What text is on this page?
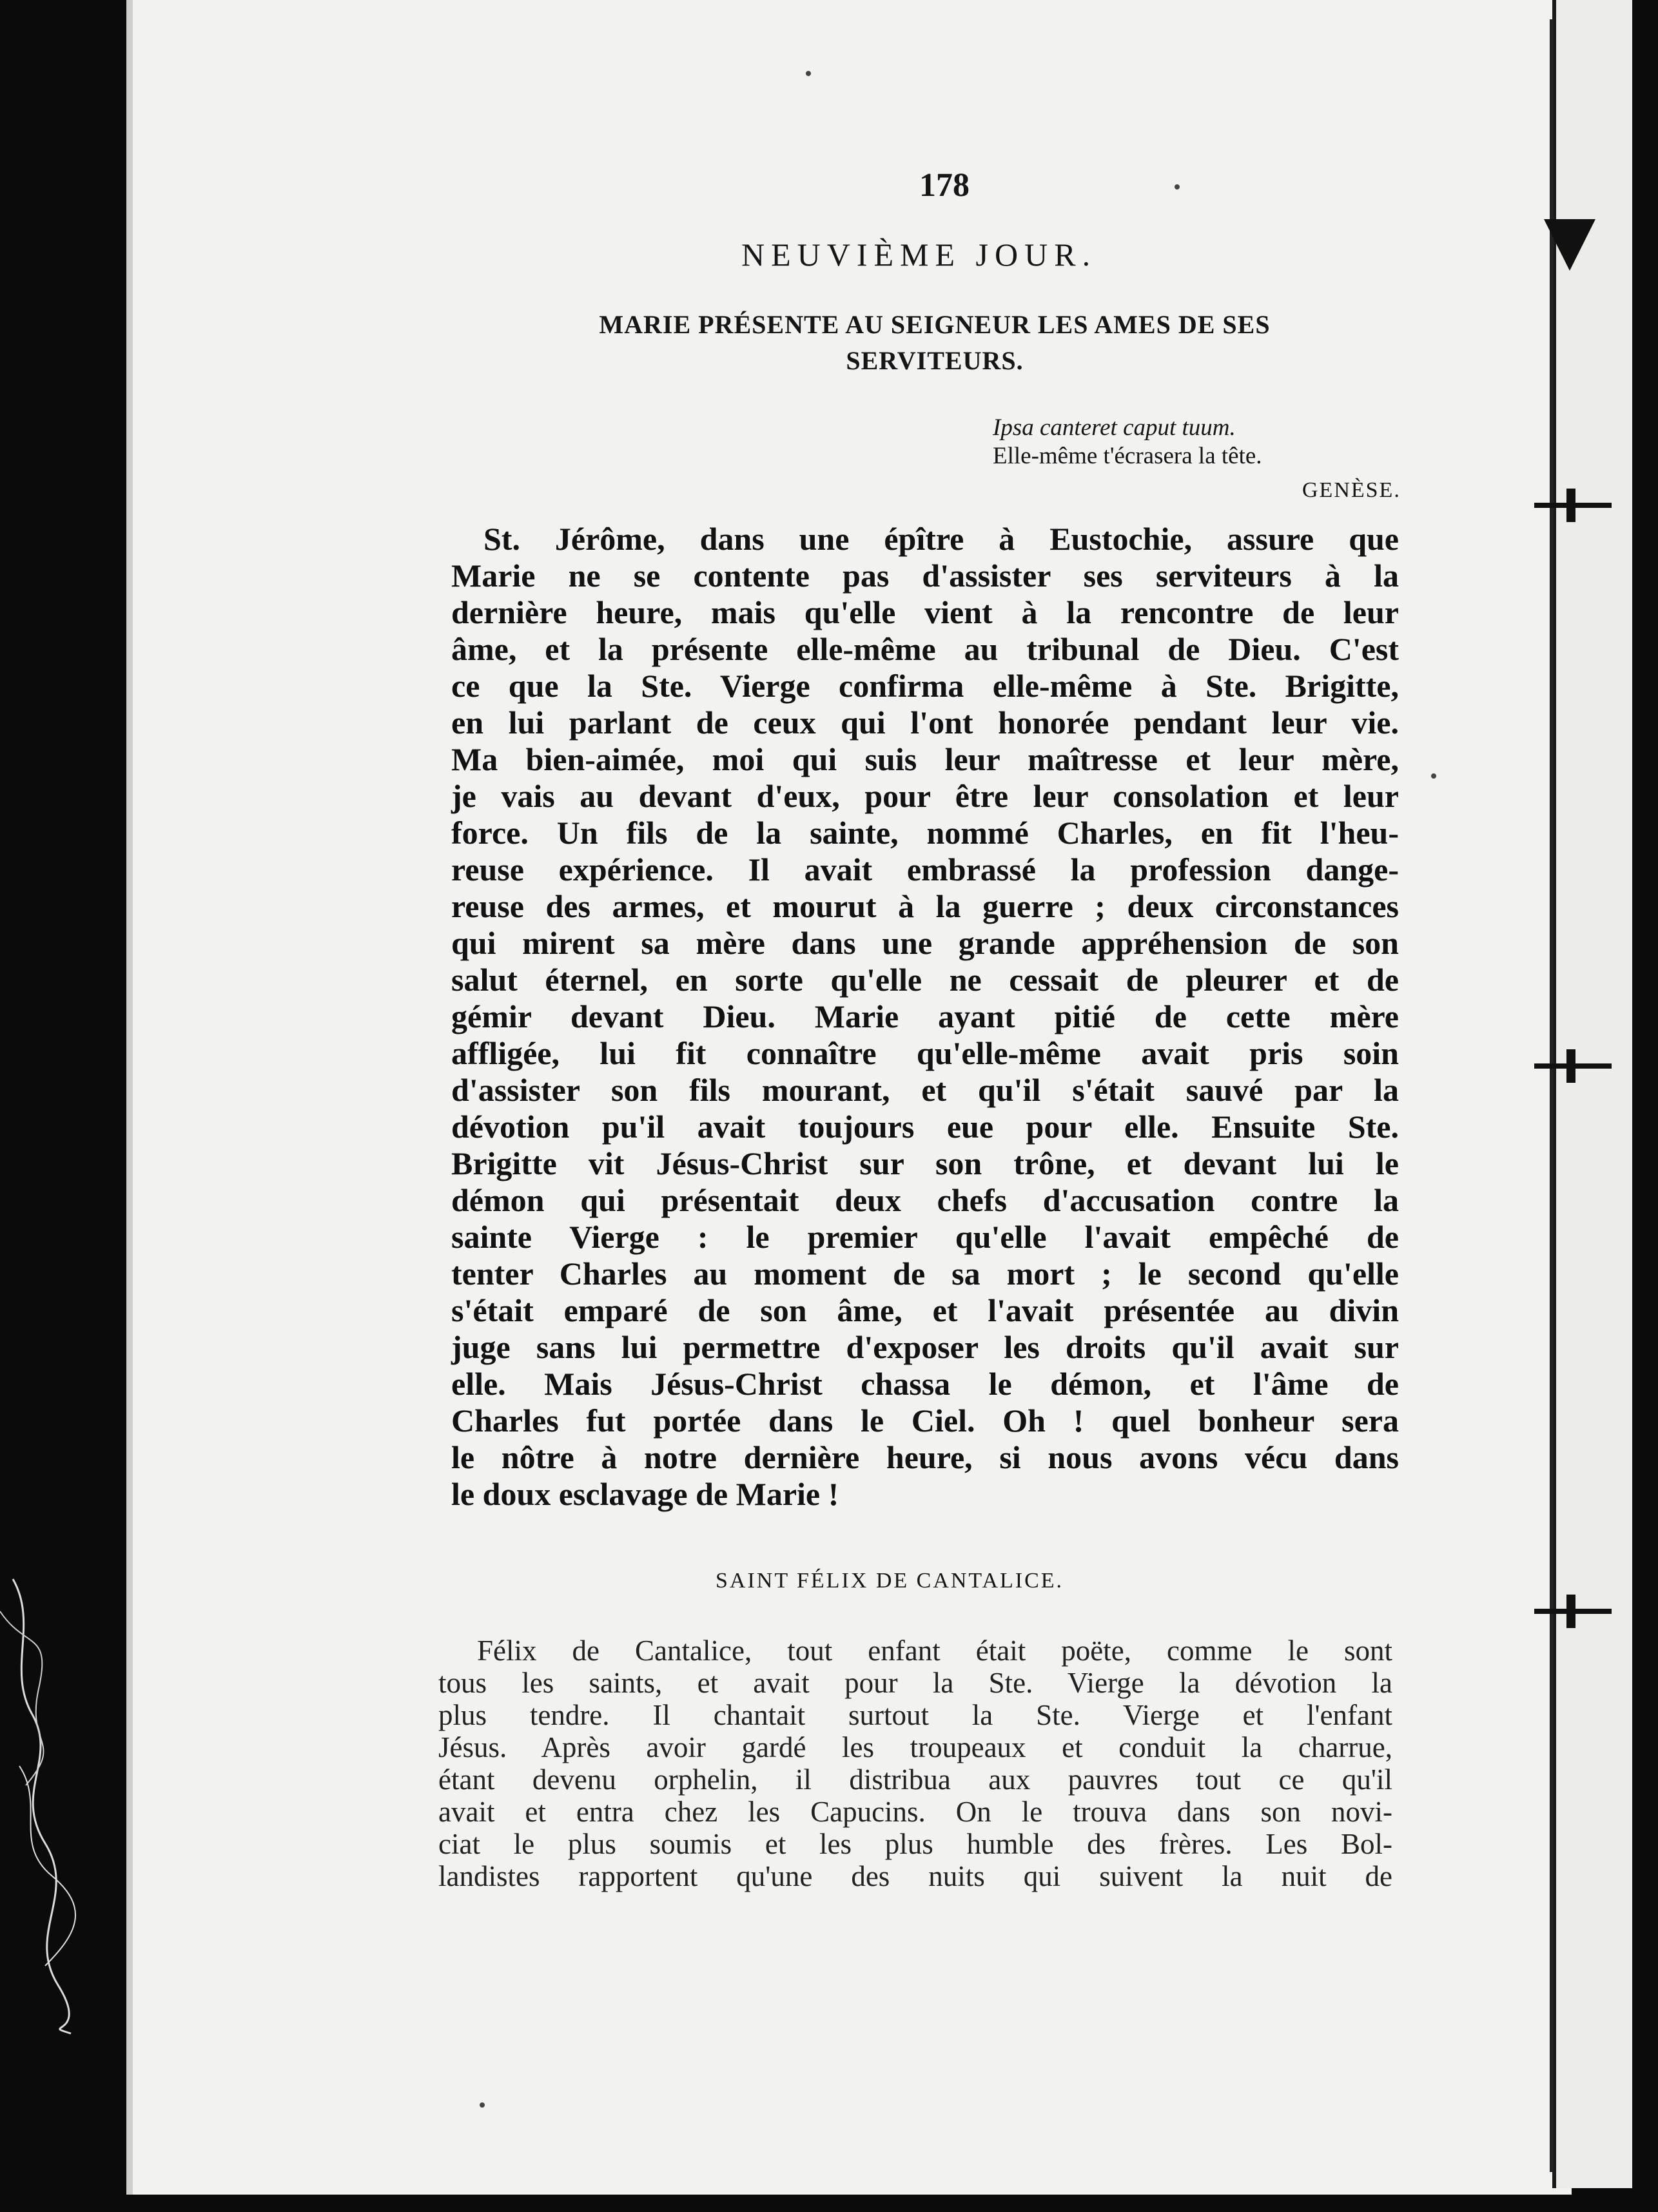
178
NEUVIÈME JOUR.
MARIE PRÉSENTE AU SEIGNEUR LES AMES DE SES SERVITEURS.
Ipsa canteret caput tuum.
Elle-même t'écrasera la tête.
GENÈSE.
St. Jérôme, dans une épître à Eustochie, assure que
Marie ne se contente pas d'assister ses serviteurs à la
dernière heure, mais qu'elle vient à la rencontre de leur
âme, et la présente elle-même au tribunal de Dieu. C'est
ce que la Ste. Vierge confirma elle-même à Ste. Brigitte,
en lui parlant de ceux qui l'ont honorée pendant leur vie.
Ma bien-aimée, moi qui suis leur maîtresse et leur mère,
je vais au devant d'eux, pour être leur consolation et leur
force. Un fils de la sainte, nommé Charles, en fit l'heu-
reuse expérience. Il avait embrassé la profession dange-
reuse des armes, et mourut à la guerre ; deux circonstances
qui mirent sa mère dans une grande appréhension de son
salut éternel, en sorte qu'elle ne cessait de pleurer et de
gémir devant Dieu. Marie ayant pitié de cette mère
affligée, lui fit connaître qu'elle-même avait pris soin
d'assister son fils mourant, et qu'il s'était sauvé par la
dévotion pu'il avait toujours eue pour elle. Ensuite Ste.
Brigitte vit Jésus-Christ sur son trône, et devant lui le
démon qui présentait deux chefs d'accusation contre la
sainte Vierge : le premier qu'elle l'avait empêché de
tenter Charles au moment de sa mort ; le second qu'elle
s'était emparé de son âme, et l'avait présentée au divin
juge sans lui permettre d'exposer les droits qu'il avait sur
elle. Mais Jésus-Christ chassa le démon, et l'âme de
Charles fut portée dans le Ciel. Oh ! quel bonheur sera
le nôtre à notre dernière heure, si nous avons vécu dans
le doux esclavage de Marie !
SAINT FÉLIX DE CANTALICE.
Félix de Cantalice, tout enfant était poëte, comme le sont
tous les saints, et avait pour la Ste. Vierge la dévotion la
plus tendre. Il chantait surtout la Ste. Vierge et l'enfant
Jésus. Après avoir gardé les troupeaux et conduit la charrue,
étant devenu orphelin, il distribua aux pauvres tout ce qu'il
avait et entra chez les Capucins. On le trouva dans son novi-
ciat le plus soumis et les plus humble des frères. Les Bol-
landistes rapportent qu'une des nuits qui suivent la nuit de
